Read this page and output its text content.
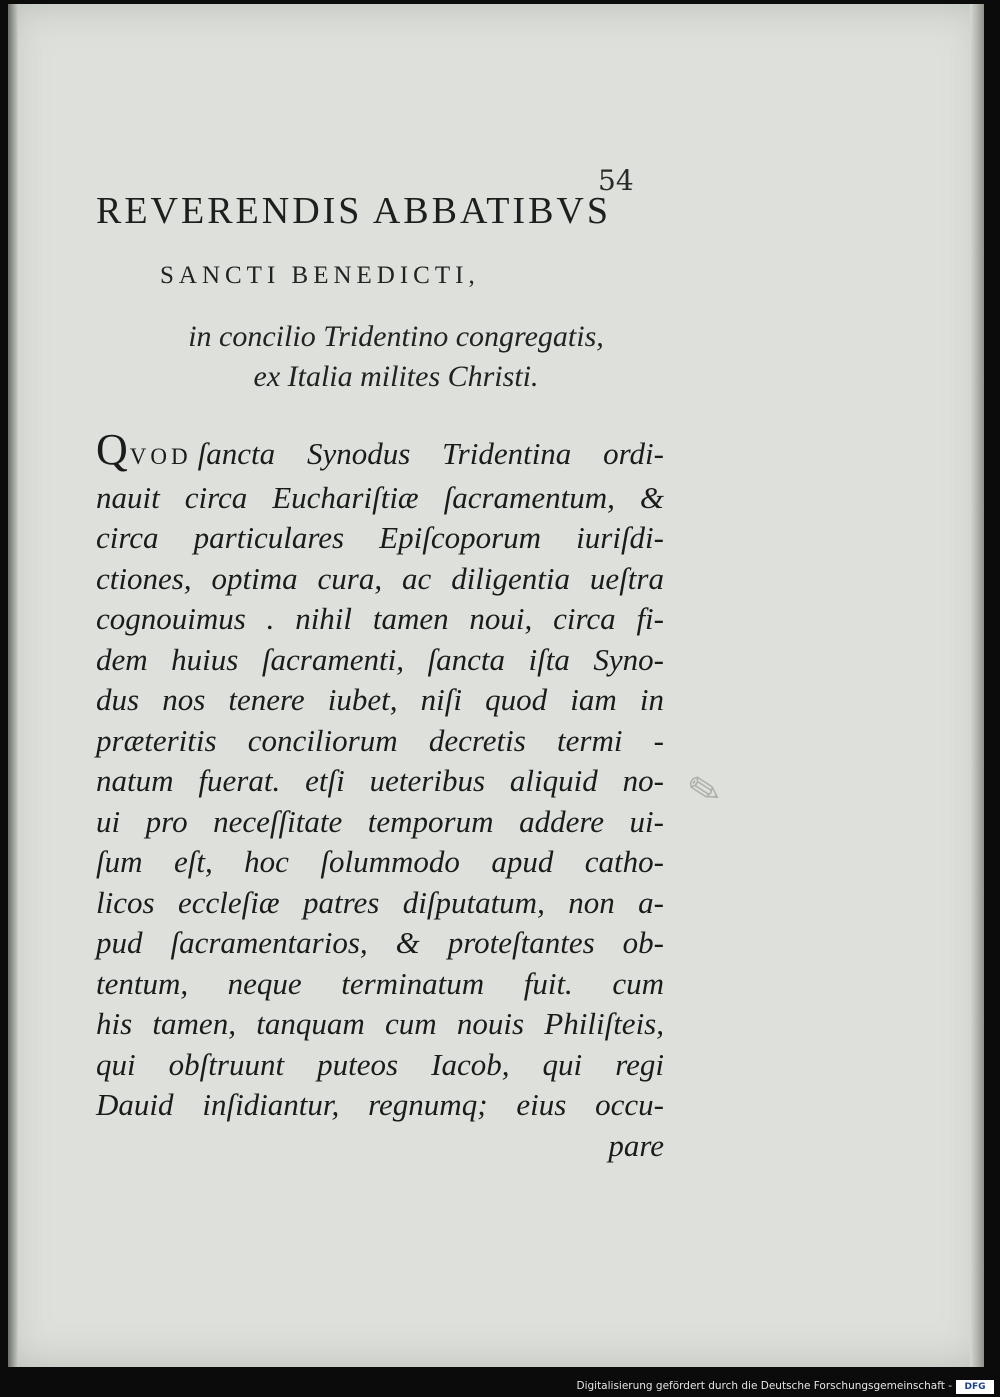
54
REVERENDIS ABBATIBVS
SANCTI BENEDICTI,
in concilio Tridentino congregatis,
ex Italia milites Christi.
QVOD ſancta Synodus Tridentina ordi-
nauit circa Euchariſtiæ ſacramentum, &
circa particulares Epiſcoporum iuriſdi-
ctiones, optima cura, ac diligentia ueſtra
cognouimus . nihil tamen noui, circa fi-
dem huius ſacramenti, ſancta iſta Syno-
dus nos tenere iubet, niſi quod iam in
præteritis conciliorum decretis termi -
natum fuerat. etſi ueteribus aliquid no-
ui pro neceſſitate temporum addere ui-
ſum eſt, hoc ſolummodo apud catho-
licos eccleſiæ patres diſputatum, non a-
pud ſacramentarios, & proteſtantes ob-
tentum, neque terminatum fuit. cum
his tamen, tanquam cum nouis Philiſteis,
qui obſtruunt puteos Iacob, qui regi
Dauid inſidiantur, regnumq; eius occu-
pare
✎
Digitalisierung gefördert durch die Deutsche Forschungsgemeinschaft -	DFG
